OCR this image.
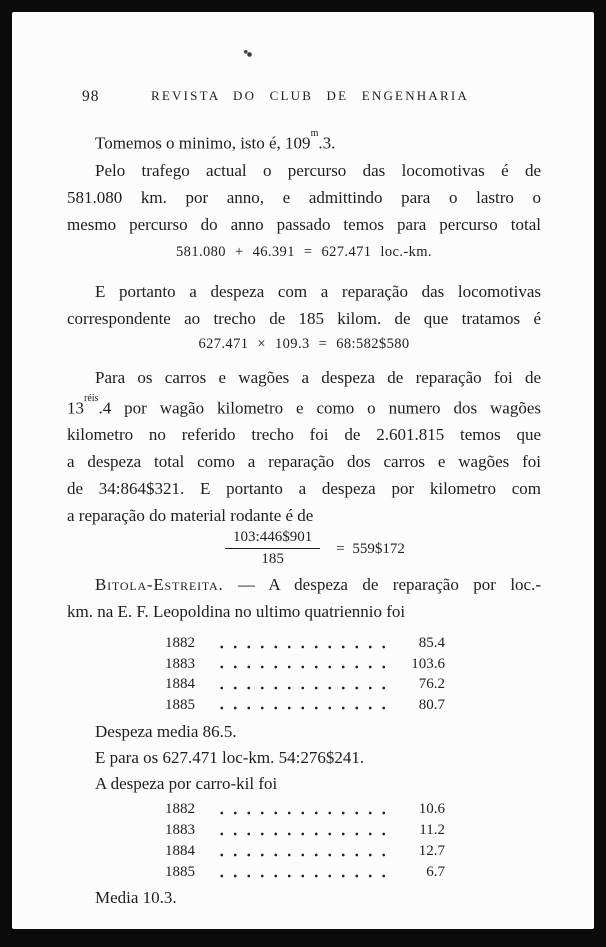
98	REVISTA DO CLUB DE ENGENHARIA
Tomemos o minimo, isto é, 109$^m$.3.
Pelo trafego actual o percurso das locomotivas é de
581.080 km. por anno, e admittindo para o lastro o
mesmo percurso do anno passado temos para percurso total
581.080 + 46.391 = 627.471 loc.-km.
E portanto a despeza com a reparação das locomotivas
correspondente ao trecho de 185 kilom. de que tratamos é
627.471 × 109.3 = 68:582$580
Para os carros e wagões a despeza de reparação foi de
$13^{réis}.4$ por wagão kilometro e como o numero dos wagões
kilometro no referido trecho foi de 2.601.815 temos que
a despeza total como a reparação dos carros e wagões foi
de 34:864$321. E portanto a despeza por kilometro com
a reparação do material rodante é de
$\frac{103:446\$901}{185}$ = 559$172
Bitola-Estreita. — A despeza de reparação por loc.-
km. na E. F. Leopoldina no ultimo quatriennio foi
1882	85.4
1883	103.6
1884	76.2
1885	80.7
Despeza media 86.5.
E para os 627.471 loc-km. 54:276$241.
A despeza por carro-kil foi
1882	10.6
1883	11.2
1884	12.7
1885	6.7
Media 10.3.
